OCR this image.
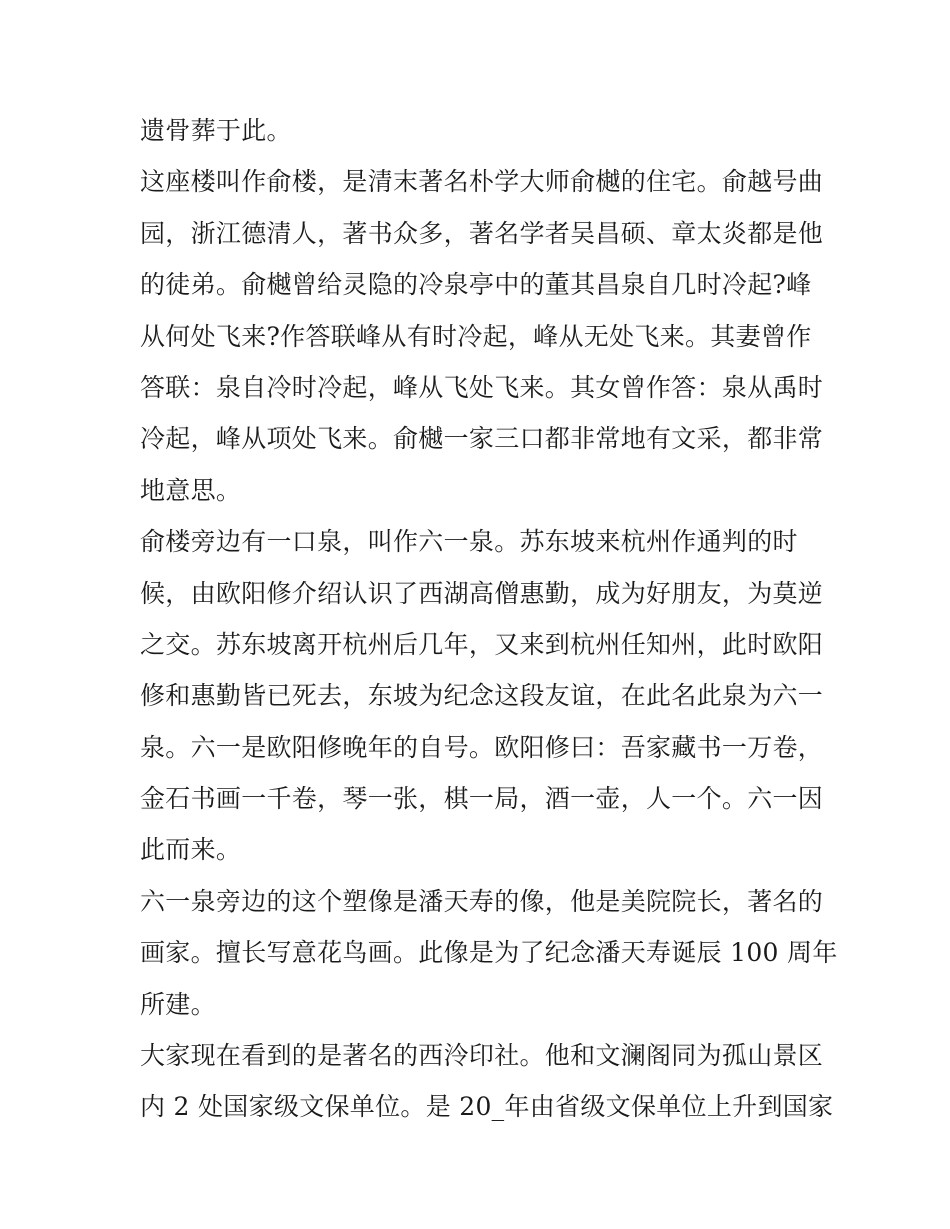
遗骨葬于此。
这座楼叫作俞楼，是清末著名朴学大师俞樾的住宅。俞越号曲
园，浙江德清人，著书众多，著名学者吴昌硕、章太炎都是他
的徒弟。俞樾曾给灵隐的冷泉亭中的董其昌泉自几时冷起?峰
从何处飞来?作答联峰从有时冷起，峰从无处飞来。其妻曾作
答联：泉自冷时冷起，峰从飞处飞来。其女曾作答：泉从禹时
冷起，峰从项处飞来。俞樾一家三口都非常地有文采，都非常
地意思。
俞楼旁边有一口泉，叫作六一泉。苏东坡来杭州作通判的时
候，由欧阳修介绍认识了西湖高僧惠勤，成为好朋友，为莫逆
之交。苏东坡离开杭州后几年，又来到杭州任知州，此时欧阳
修和惠勤皆已死去，东坡为纪念这段友谊，在此名此泉为六一
泉。六一是欧阳修晚年的自号。欧阳修曰：吾家藏书一万卷，
金石书画一千卷，琴一张，棋一局，酒一壶，人一个。六一因
此而来。
六一泉旁边的这个塑像是潘天寿的像，他是美院院长，著名的
画家。擅长写意花鸟画。此像是为了纪念潘天寿诞辰 100 周年
所建。
大家现在看到的是著名的西泠印社。他和文澜阁同为孤山景区
内 2 处国家级文保单位。是 20_年由省级文保单位上升到国家
